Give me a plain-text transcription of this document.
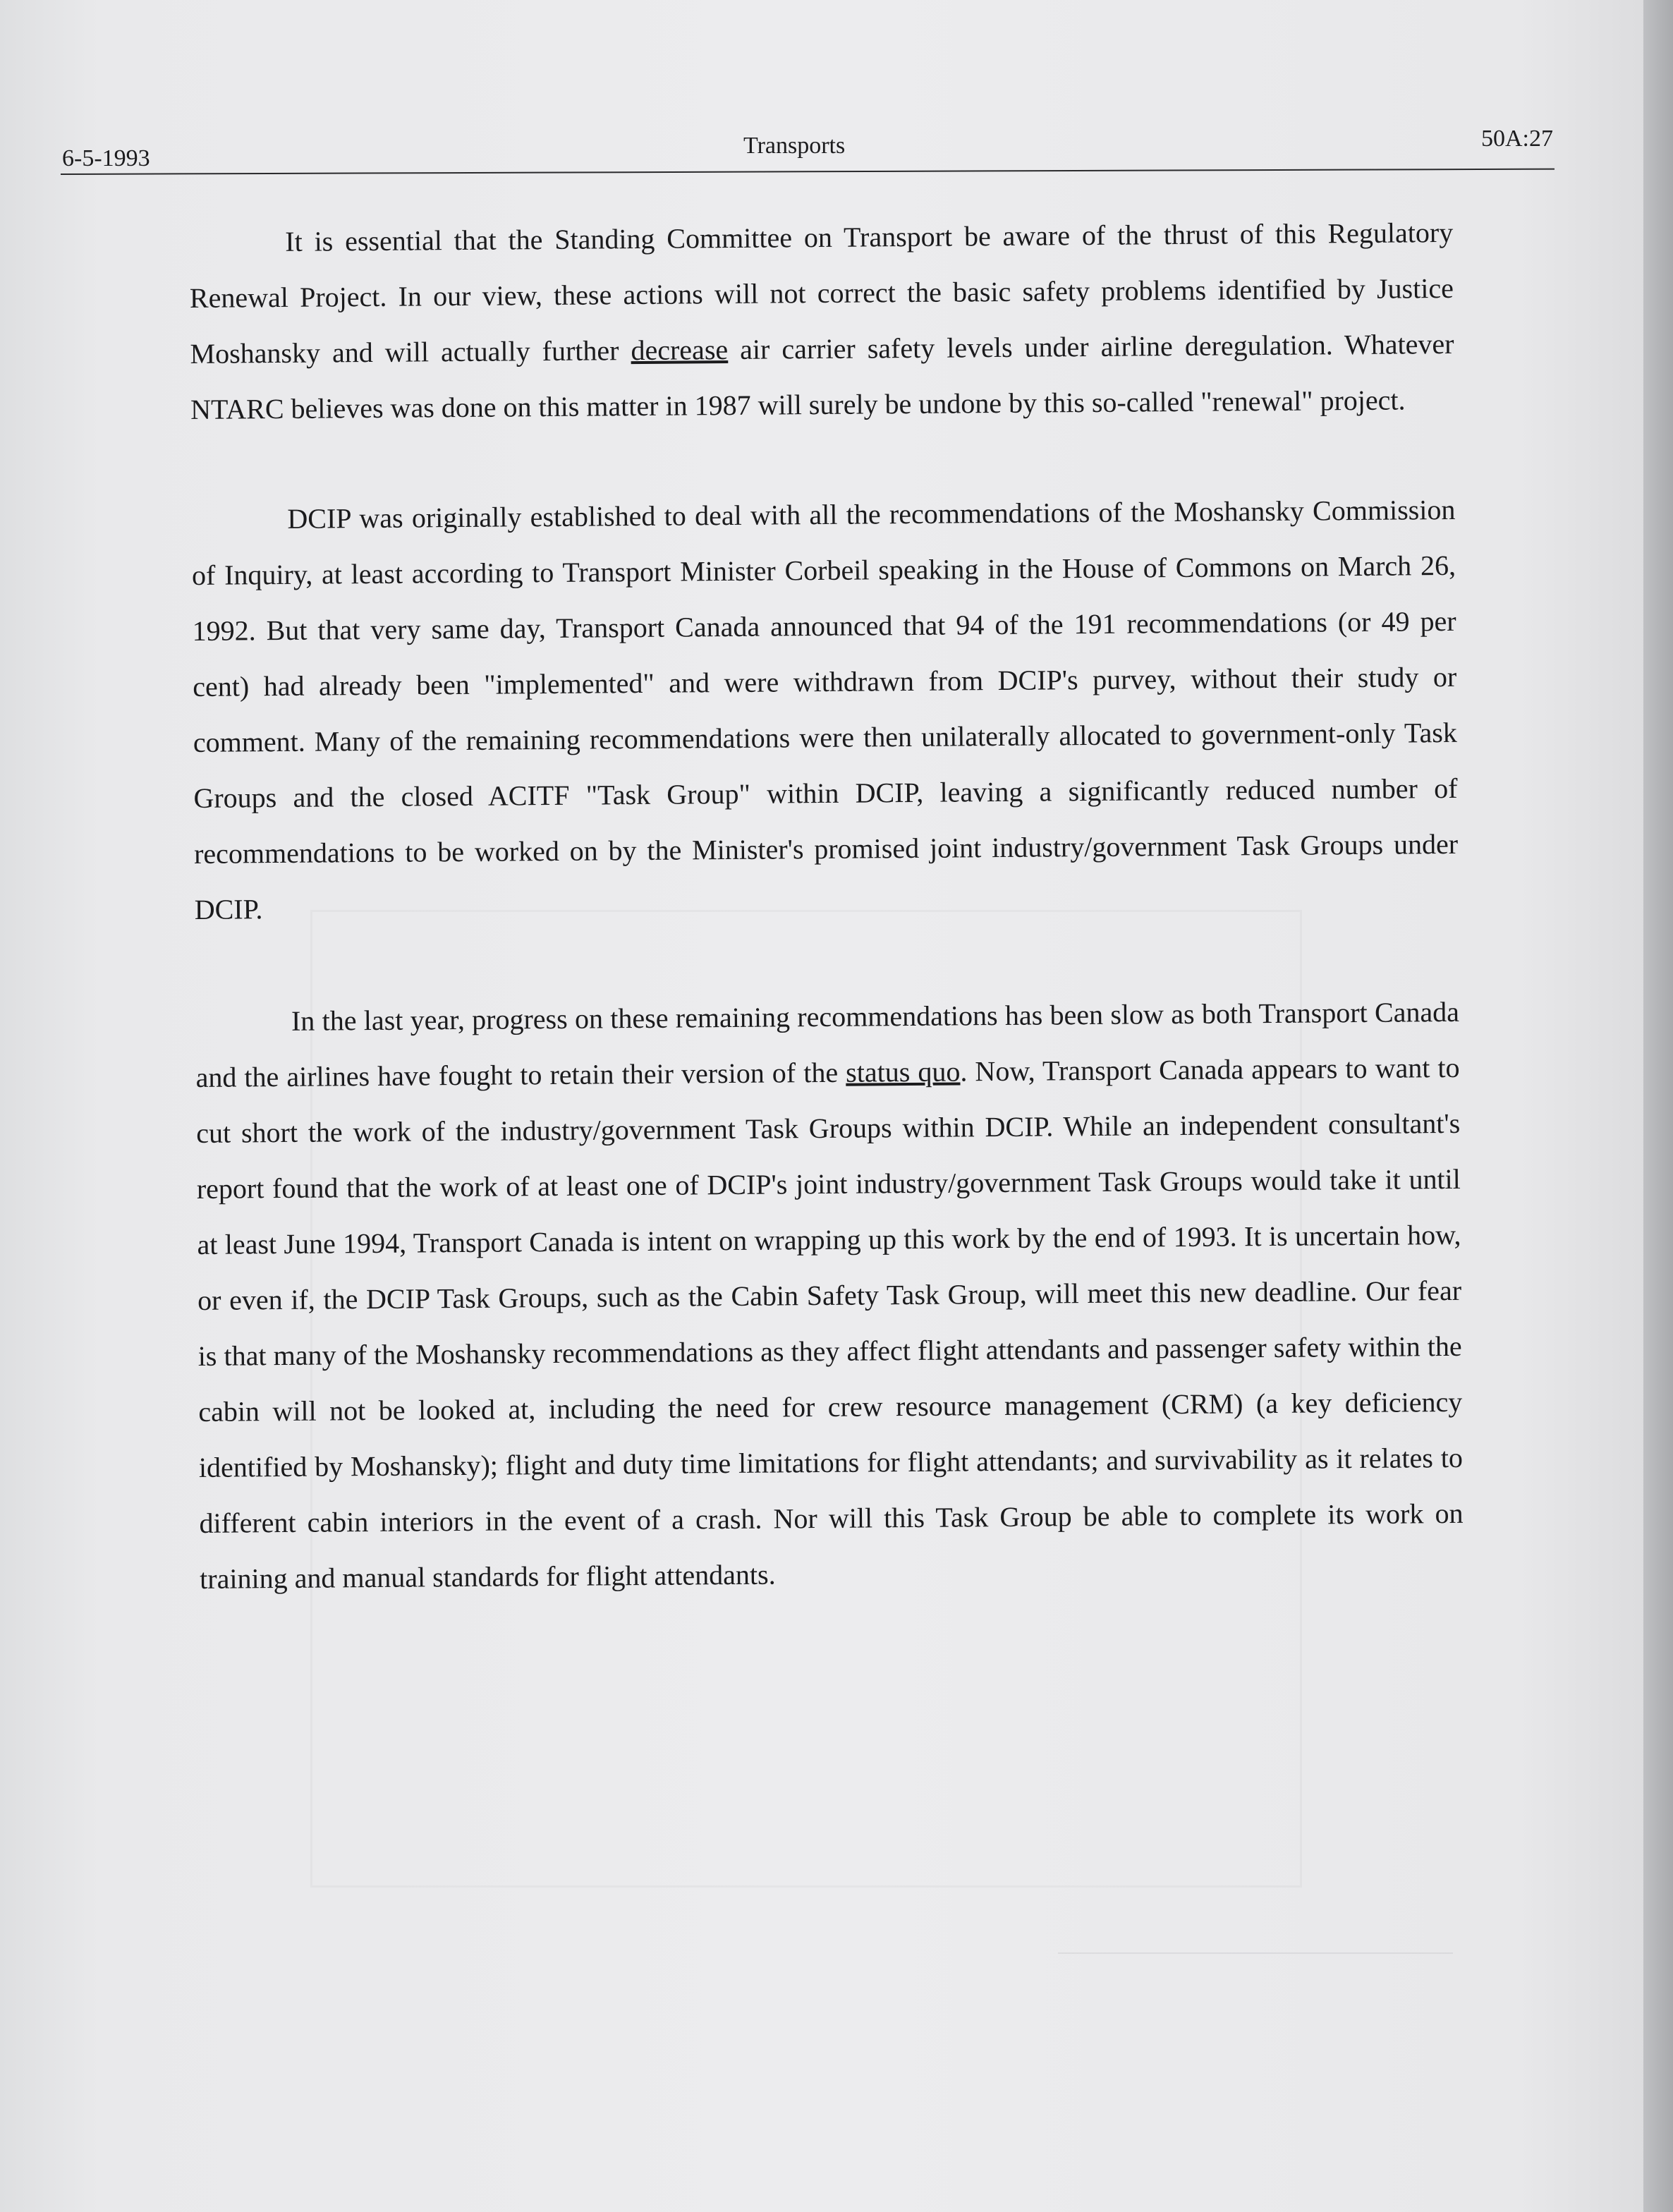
6-5-1993	Transports	50A:27

It is essential that the Standing Committee on Transport be aware of the thrust of this Regulatory Renewal Project. In our view, these actions will not correct the basic safety problems identified by Justice Moshansky and will actually further decrease air carrier safety levels under airline deregulation. Whatever NTARC believes was done on this matter in 1987 will surely be undone by this so-called "renewal" project.

DCIP was originally established to deal with all the recommendations of the Moshansky Commission of Inquiry, at least according to Transport Minister Corbeil speaking in the House of Commons on March 26, 1992. But that very same day, Transport Canada announced that 94 of the 191 recommendations (or 49 per cent) had already been "implemented" and were withdrawn from DCIP's purvey, without their study or comment. Many of the remaining recommendations were then unilaterally allocated to government-only Task Groups and the closed ACITF "Task Group" within DCIP, leaving a significantly reduced number of recommendations to be worked on by the Minister's promised joint industry/government Task Groups under DCIP.

In the last year, progress on these remaining recommendations has been slow as both Transport Canada and the airlines have fought to retain their version of the status quo. Now, Transport Canada appears to want to cut short the work of the industry/government Task Groups within DCIP. While an independent consultant's report found that the work of at least one of DCIP's joint industry/government Task Groups would take it until at least June 1994, Transport Canada is intent on wrapping up this work by the end of 1993. It is uncertain how, or even if, the DCIP Task Groups, such as the Cabin Safety Task Group, will meet this new deadline. Our fear is that many of the Moshansky recommendations as they affect flight attendants and passenger safety within the cabin will not be looked at, including the need for crew resource management (CRM) (a key deficiency identified by Moshansky); flight and duty time limitations for flight attendants; and survivability as it relates to different cabin interiors in the event of a crash. Nor will this Task Group be able to complete its work on training and manual standards for flight attendants.
